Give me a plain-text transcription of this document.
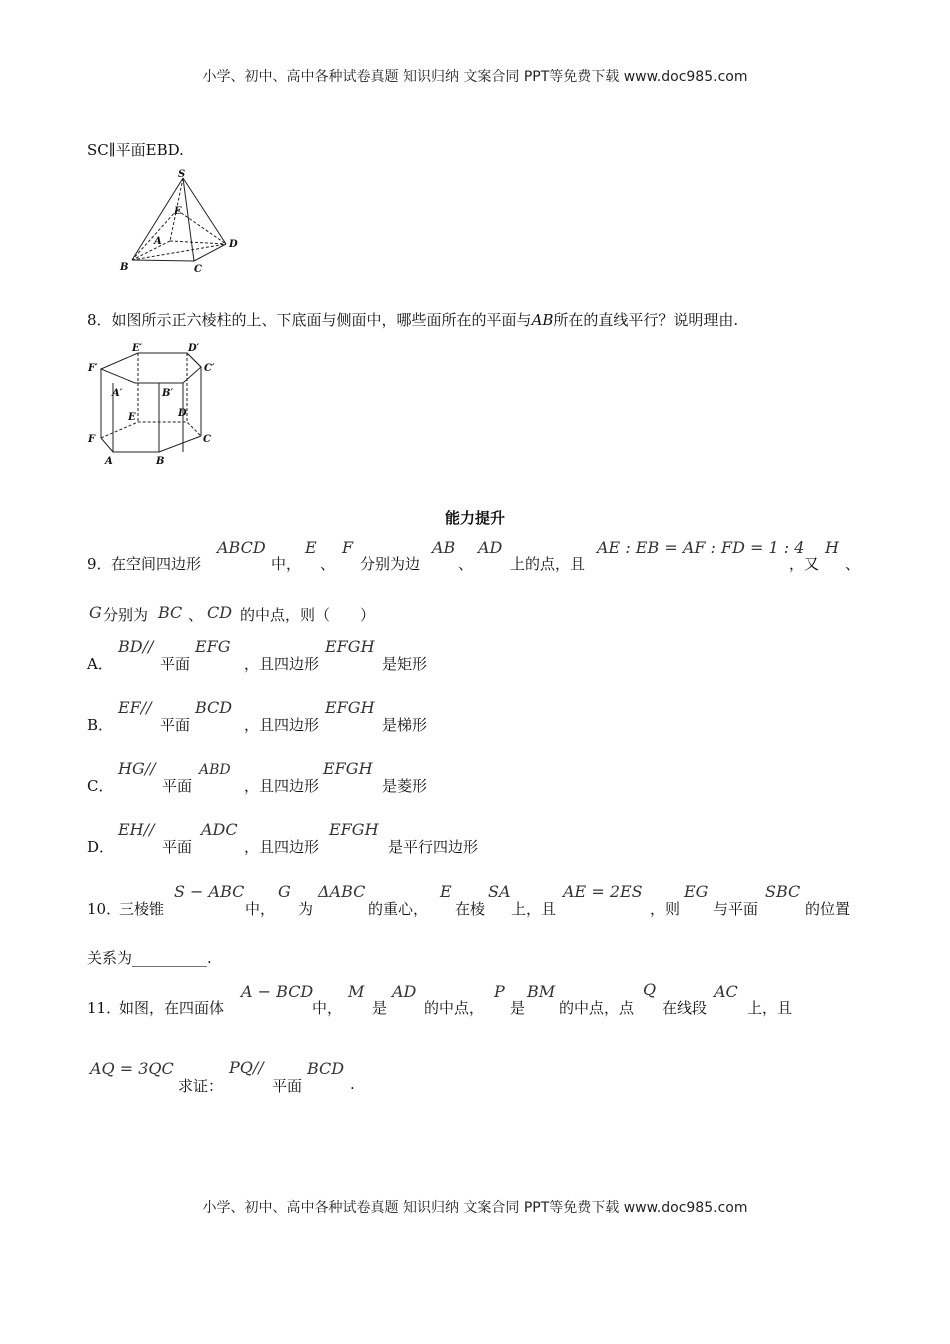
小学、初中、高中各种试卷真题 知识归纳 文案合同 PPT等免费下载 www.doc985.com
小学、初中、高中各种试卷真题 知识归纳 文案合同 PPT等免费下载 www.doc985.com
SC∥平面EBD.
S
E
A
B	C
D
8．如图所示正六棱柱的上、下底面与侧面中，哪些面所在的平面与AB所在的直线平行？说明理由.
E′	D′
F′	C′
A′	B′
E	D
F	C
A	B
能力提升
9． 在空间四边形
ABCD
中，
E
、
F
分别为边
AB
、
AD
上的点，且
AE : EB = AF : FD = 1 : 4
，又
H
、
G 分别为 BC 、 CD 的中点，则（　　）
A．
BD//
平面
EFG
，且四边形
EFGH
是矩形
B．
EF//
平面
BCD
，且四边形
EFGH
是梯形
C．
HG//
平面
ABD
，且四边形
EFGH
是菱形
D．
EH//
平面
ADC
，且四边形
EFGH
是平行四边形
10．
三棱锥
S − ABC
中，
G
为
ΔABC
的重心，
E
在棱
SA
上，且
AE = 2ES
，则
EG
与平面
SBC
的位置
关系为__________.
11．
如图，在四面体
A − BCD
中，
M
是
AD
的中点，
P
是
BM
的中点，点
Q
在线段
AC
上，且
AQ = 3QC
求证：
PQ//
平面
BCD
.
